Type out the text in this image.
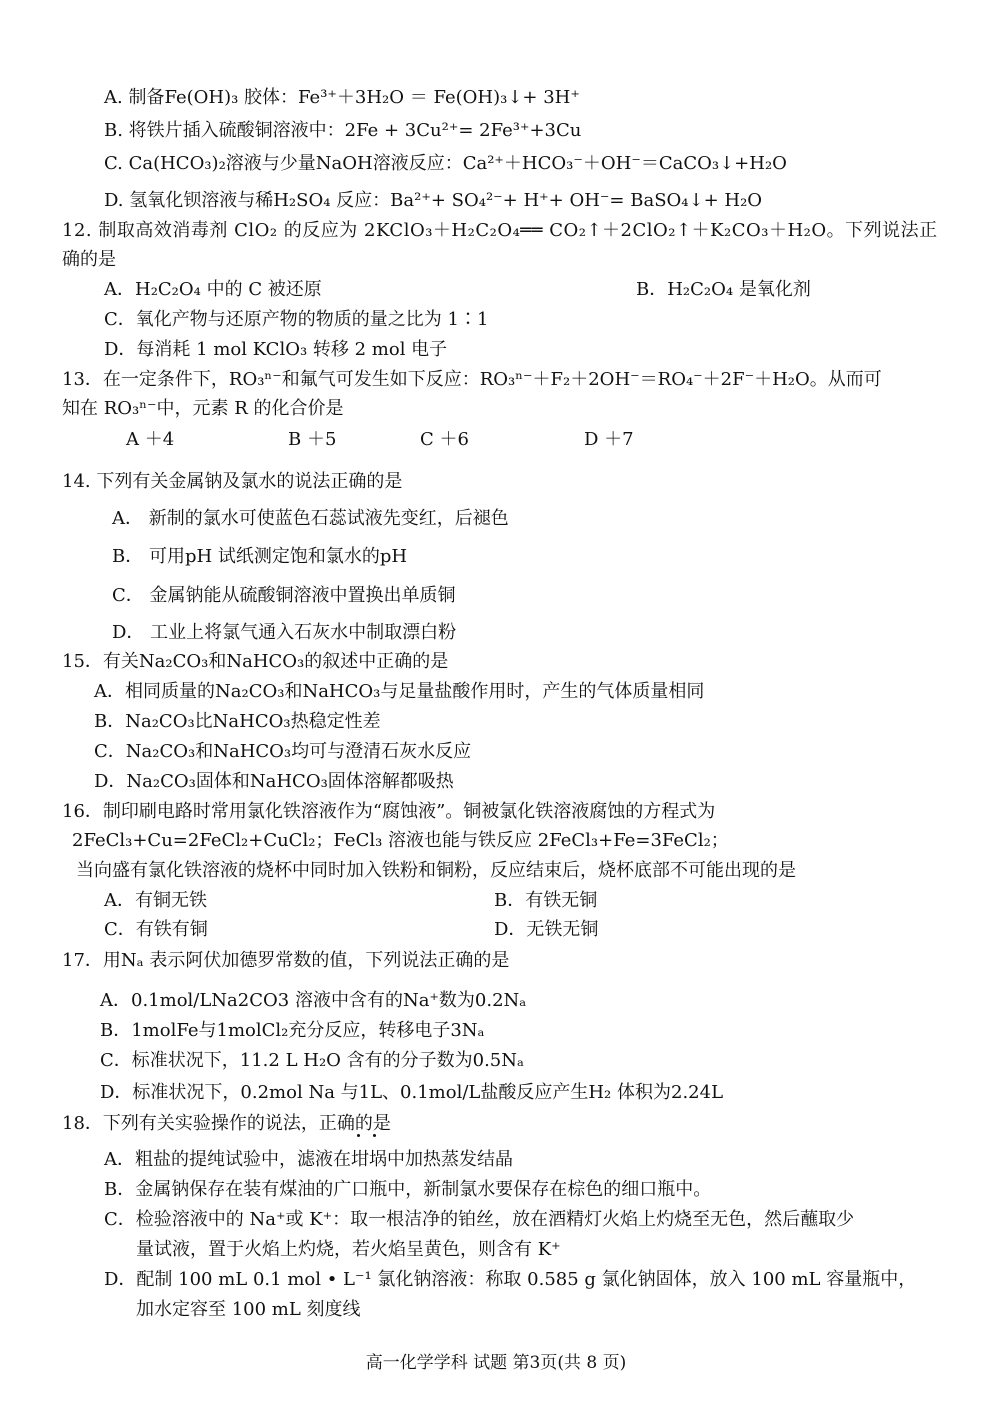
A. 制备Fe(OH)₃ 胶体：Fe³⁺＋3H₂O ＝ Fe(OH)₃↓+ 3H⁺
B. 将铁片插入硫酸铜溶液中：2Fe + 3Cu²⁺= 2Fe³⁺+3Cu
C. Ca(HCO₃)₂溶液与少量NaOH溶液反应：Ca²⁺＋HCO₃⁻＋OH⁻＝CaCO₃↓+H₂O
D. 氢氧化钡溶液与稀H₂SO₄ 反应：Ba²⁺+ SO₄²⁻+ H⁺+ OH⁻= BaSO₄↓+ H₂O
12. 制取高效消毒剂 ClO₂ 的反应为 2KClO₃＋H₂C₂O₄══ CO₂↑＋2ClO₂↑＋K₂CO₃＋H₂O。下列说法正
确的是
A．H₂C₂O₄ 中的 C 被还原	B．H₂C₂O₄ 是氧化剂
C．氧化产物与还原产物的物质的量之比为 1∶1
D．每消耗 1 mol KClO₃ 转移 2 mol 电子
13．在一定条件下，RO₃ⁿ⁻和氟气可发生如下反应：RO₃ⁿ⁻＋F₂＋2OH⁻＝RO₄⁻＋2F⁻＋H₂O。从而可
知在 RO₃ⁿ⁻中，元素 R 的化合价是
A ＋4	B ＋5	C ＋6	D ＋7
14. 下列有关金属钠及氯水的说法正确的是
A． 新制的氯水可使蓝色石蕊试液先变红，后褪色
B． 可用pH 试纸测定饱和氯水的pH
C． 金属钠能从硫酸铜溶液中置换出单质铜
D． 工业上将氯气通入石灰水中制取漂白粉
15．有关Na₂CO₃和NaHCO₃的叙述中正确的是
A．相同质量的Na₂CO₃和NaHCO₃与足量盐酸作用时，产生的气体质量相同
B．Na₂CO₃比NaHCO₃热稳定性差
C．Na₂CO₃和NaHCO₃均可与澄清石灰水反应
D．Na₂CO₃固体和NaHCO₃固体溶解都吸热
16．制印刷电路时常用氯化铁溶液作为“腐蚀液”。铜被氯化铁溶液腐蚀的方程式为
2FeCl₃+Cu=2FeCl₂+CuCl₂；FeCl₃ 溶液也能与铁反应 2FeCl₃+Fe=3FeCl₂；
当向盛有氯化铁溶液的烧杯中同时加入铁粉和铜粉，反应结束后，烧杯底部不可能出现的是
A．有铜无铁	B．有铁无铜
C．有铁有铜	D．无铁无铜
17．用Nₐ 表示阿伏加德罗常数的值，下列说法正确的是
A．0.1mol/LNa2CO3 溶液中含有的Na⁺数为0.2Nₐ
B．1molFe与1molCl₂充分反应，转移电子3Nₐ
C．标准状况下，11.2 L H₂O 含有的分子数为0.5Nₐ
D．标准状况下，0.2mol Na 与1L、0.1mol/L盐酸反应产生H₂ 体积为2.24L
18．下列有关实验操作的说法，正确的是
A．粗盐的提纯试验中，滤液在坩埚中加热蒸发结晶
B．金属钠保存在装有煤油的广口瓶中，新制氯水要保存在棕色的细口瓶中。
C．检验溶液中的 Na⁺或 K⁺：取一根洁净的铂丝，放在酒精灯火焰上灼烧至无色，然后蘸取少
量试液，置于火焰上灼烧，若火焰呈黄色，则含有 K⁺
D．配制 100 mL 0.1 mol • L⁻¹ 氯化钠溶液：称取 0.585 g 氯化钠固体，放入 100 mL 容量瓶中，
加水定容至 100 mL 刻度线
高一化学学科 试题 第3页(共 8 页)
